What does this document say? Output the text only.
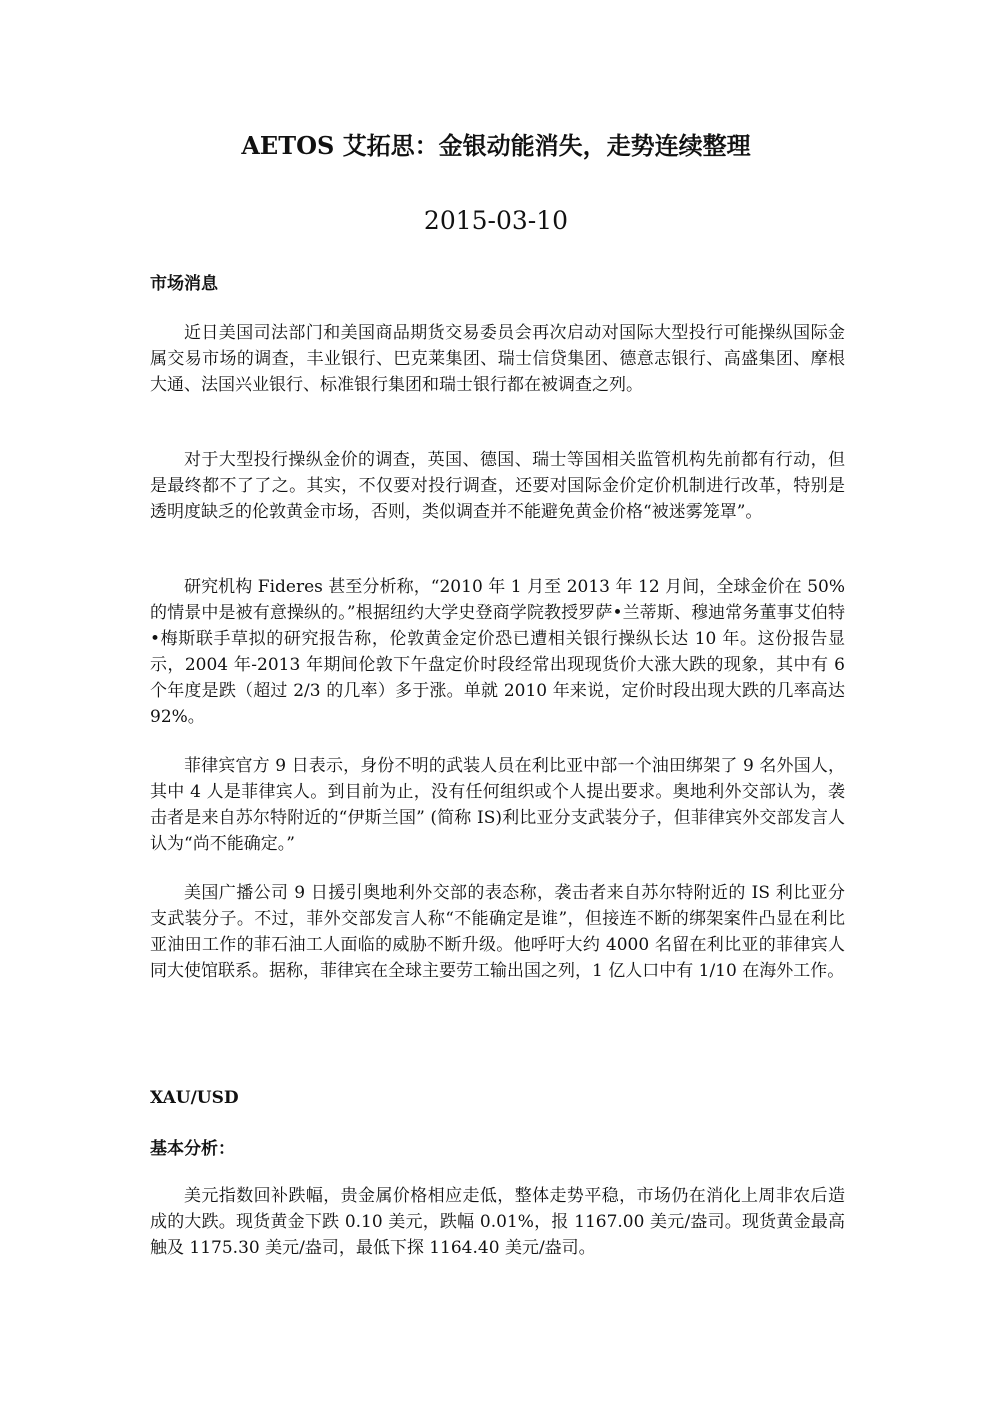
AETOS 艾拓思：金银动能消失，走势连续整理
2015-03-10
市场消息

近日美国司法部门和美国商品期货交易委员会再次启动对国际大型投行可能操纵国际金属交易市场的调查，丰业银行、巴克莱集团、瑞士信贷集团、德意志银行、高盛集团、摩根大通、法国兴业银行、标准银行集团和瑞士银行都在被调查之列。

对于大型投行操纵金价的调查，英国、德国、瑞士等国相关监管机构先前都有行动，但是最终都不了了之。其实，不仅要对投行调查，还要对国际金价定价机制进行改革，特别是透明度缺乏的伦敦黄金市场，否则，类似调查并不能避免黄金价格“被迷雾笼罩”。

研究机构 Fideres 甚至分析称，“2010 年 1 月至 2013 年 12 月间，全球金价在 50%的情景中是被有意操纵的。”根据纽约大学史登商学院教授罗萨•兰蒂斯、穆迪常务董事艾伯特•梅斯联手草拟的研究报告称，伦敦黄金定价恐已遭相关银行操纵长达 10 年。这份报告显示，2004 年-2013 年期间伦敦下午盘定价时段经常出现现货价大涨大跌的现象，其中有 6 个年度是跌（超过 2/3 的几率）多于涨。单就 2010 年来说，定价时段出现大跌的几率高达 92%。

菲律宾官方 9 日表示，身份不明的武装人员在利比亚中部一个油田绑架了 9 名外国人，其中 4 人是菲律宾人。到目前为止，没有任何组织或个人提出要求。奥地利外交部认为，袭击者是来自苏尔特附近的“伊斯兰国” (简称 IS)利比亚分支武装分子，但菲律宾外交部发言人认为“尚不能确定。”

美国广播公司 9 日援引奥地利外交部的表态称，袭击者来自苏尔特附近的 IS 利比亚分支武装分子。不过，菲外交部发言人称“不能确定是谁”，但接连不断的绑架案件凸显在利比亚油田工作的菲石油工人面临的威胁不断升级。他呼吁大约 4000 名留在利比亚的菲律宾人同大使馆联系。据称，菲律宾在全球主要劳工输出国之列，1 亿人口中有 1/10 在海外工作。

XAU/USD
基本分析：

美元指数回补跌幅，贵金属价格相应走低，整体走势平稳，市场仍在消化上周非农后造成的大跌。现货黄金下跌 0.10 美元，跌幅 0.01%，报 1167.00 美元/盎司。现货黄金最高触及 1175.30 美元/盎司，最低下探 1164.40 美元/盎司。
